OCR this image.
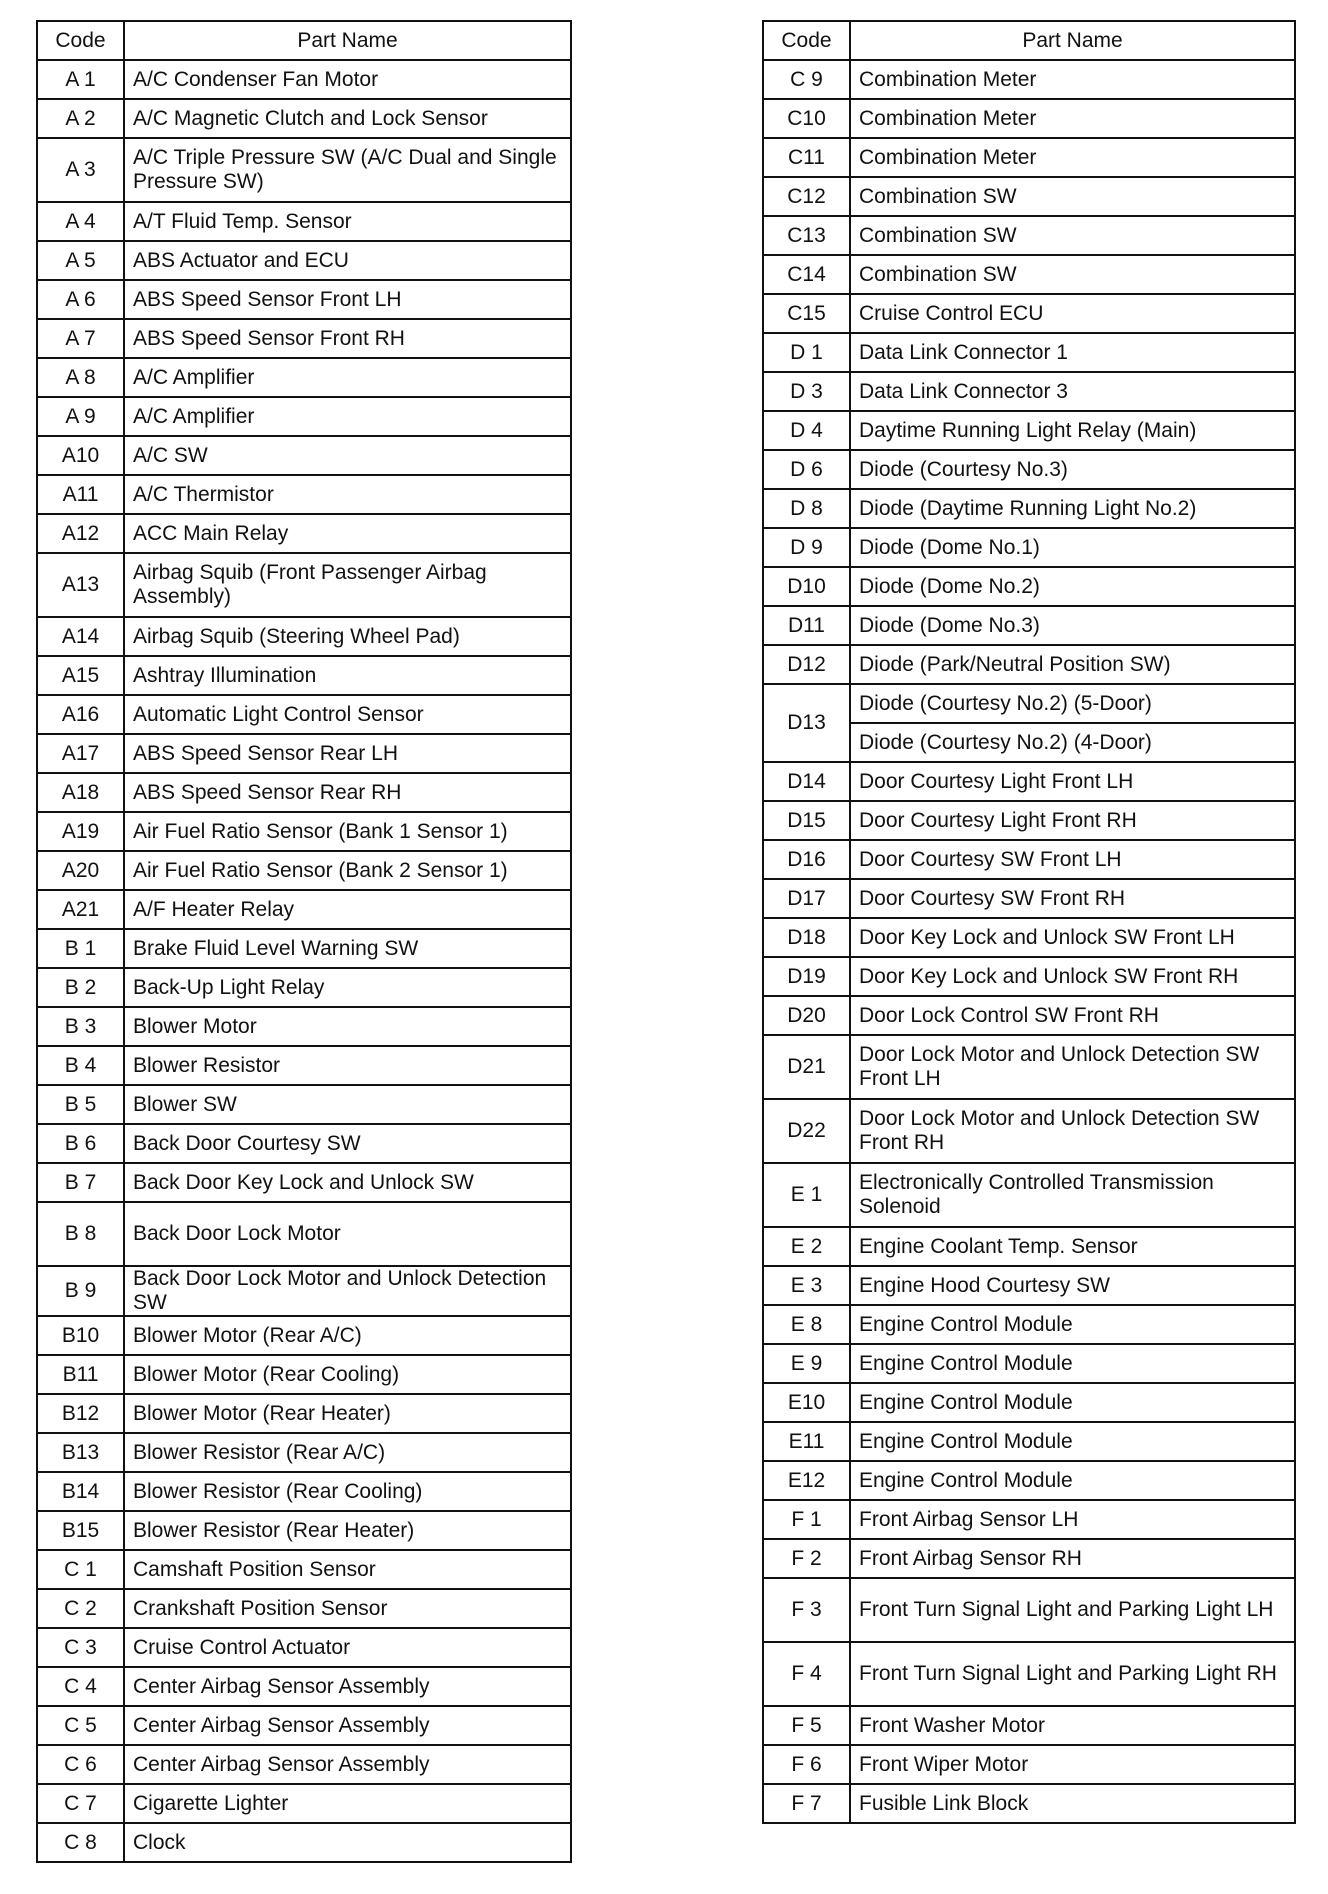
Code	Part Name
A 1	A/C Condenser Fan Motor
A 2	A/C Magnetic Clutch and Lock Sensor
A 3	A/C Triple Pressure SW (A/C Dual and Single Pressure SW)
A 4	A/T Fluid Temp. Sensor
A 5	ABS Actuator and ECU
A 6	ABS Speed Sensor Front LH
A 7	ABS Speed Sensor Front RH
A 8	A/C Amplifier
A 9	A/C Amplifier
A10	A/C SW
A11	A/C Thermistor
A12	ACC Main Relay
A13	Airbag Squib (Front Passenger Airbag Assembly)
A14	Airbag Squib (Steering Wheel Pad)
A15	Ashtray Illumination
A16	Automatic Light Control Sensor
A17	ABS Speed Sensor Rear LH
A18	ABS Speed Sensor Rear RH
A19	Air Fuel Ratio Sensor (Bank 1 Sensor 1)
A20	Air Fuel Ratio Sensor (Bank 2 Sensor 1)
A21	A/F Heater Relay
B 1	Brake Fluid Level Warning SW
B 2	Back-Up Light Relay
B 3	Blower Motor
B 4	Blower Resistor
B 5	Blower SW
B 6	Back Door Courtesy SW
B 7	Back Door Key Lock and Unlock SW
B 8	Back Door Lock Motor
B 9	Back Door Lock Motor and Unlock Detection SW
B10	Blower Motor (Rear A/C)
B11	Blower Motor (Rear Cooling)
B12	Blower Motor (Rear Heater)
B13	Blower Resistor (Rear A/C)
B14	Blower Resistor (Rear Cooling)
B15	Blower Resistor (Rear Heater)
C 1	Camshaft Position Sensor
C 2	Crankshaft Position Sensor
C 3	Cruise Control Actuator
C 4	Center Airbag Sensor Assembly
C 5	Center Airbag Sensor Assembly
C 6	Center Airbag Sensor Assembly
C 7	Cigarette Lighter
C 8	Clock
Code	Part Name
C 9	Combination Meter
C10	Combination Meter
C11	Combination Meter
C12	Combination SW
C13	Combination SW
C14	Combination SW
C15	Cruise Control ECU
D 1	Data Link Connector 1
D 3	Data Link Connector 3
D 4	Daytime Running Light Relay (Main)
D 6	Diode (Courtesy No.3)
D 8	Diode (Daytime Running Light No.2)
D 9	Diode (Dome No.1)
D10	Diode (Dome No.2)
D11	Diode (Dome No.3)
D12	Diode (Park/Neutral Position SW)
D13	Diode (Courtesy No.2) (5-Door)
	Diode (Courtesy No.2) (4-Door)
D14	Door Courtesy Light Front LH
D15	Door Courtesy Light Front RH
D16	Door Courtesy SW Front LH
D17	Door Courtesy SW Front RH
D18	Door Key Lock and Unlock SW Front LH
D19	Door Key Lock and Unlock SW Front RH
D20	Door Lock Control SW Front RH
D21	Door Lock Motor and Unlock Detection SW Front LH
D22	Door Lock Motor and Unlock Detection SW Front RH
E 1	Electronically Controlled Transmission Solenoid
E 2	Engine Coolant Temp. Sensor
E 3	Engine Hood Courtesy SW
E 8	Engine Control Module
E 9	Engine Control Module
E10	Engine Control Module
E11	Engine Control Module
E12	Engine Control Module
F 1	Front Airbag Sensor LH
F 2	Front Airbag Sensor RH
F 3	Front Turn Signal Light and Parking Light LH
F 4	Front Turn Signal Light and Parking Light RH
F 5	Front Washer Motor
F 6	Front Wiper Motor
F 7	Fusible Link Block
